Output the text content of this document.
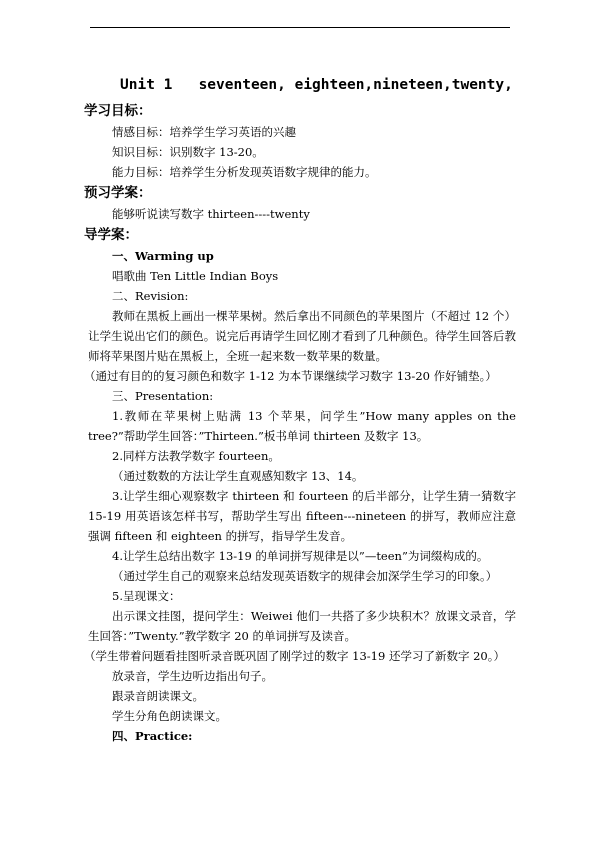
Unit 1   seventeen, eighteen,nineteen,twenty,
学习目标：
情感目标：培养学生学习英语的兴趣
知识目标：识别数字 13-20。
能力目标：培养学生分析发现英语数字规律的能力。
预习学案：
能够听说读写数字 thirteen----twenty
导学案：
一、Warming up
唱歌曲 Ten Little Indian Boys
二、Revision:
教师在黑板上画出一棵苹果树。然后拿出不同颜色的苹果图片（不超过 12 个）让学生说出它们的颜色。说完后再请学生回忆刚才看到了几种颜色。待学生回答后教师将苹果图片贴在黑板上，全班一起来数一数苹果的数量。
（通过有目的的复习颜色和数字 1-12 为本节课继续学习数字 13-20 作好铺垫。）
三、Presentation:
1.教师在苹果树上贴满 13 个苹果，问学生”How many apples on the tree?”帮助学生回答：”Thirteen.”板书单词 thirteen 及数字 13。
2.同样方法教学数字 fourteen。
（通过数数的方法让学生直观感知数字 13、14。
3.让学生细心观察数字 thirteen 和 fourteen 的后半部分，让学生猜一猜数字 15-19 用英语该怎样书写，帮助学生写出 fifteen---nineteen 的拼写，教师应注意强调 fifteen 和 eighteen 的拼写，指导学生发音。
4.让学生总结出数字 13-19 的单词拼写规律是以”—teen”为词缀构成的。
（通过学生自己的观察来总结发现英语数字的规律会加深学生学习的印象。）
5.呈现课文：
出示课文挂图，提问学生：Weiwei 他们一共搭了多少块积木？放课文录音，学生回答：”Twenty.”教学数字 20 的单词拼写及读音。
（学生带着问题看挂图听录音既巩固了刚学过的数字 13-19 还学习了新数字 20。）
放录音，学生边听边指出句子。
跟录音朗读课文。
学生分角色朗读课文。
四、Practice:
